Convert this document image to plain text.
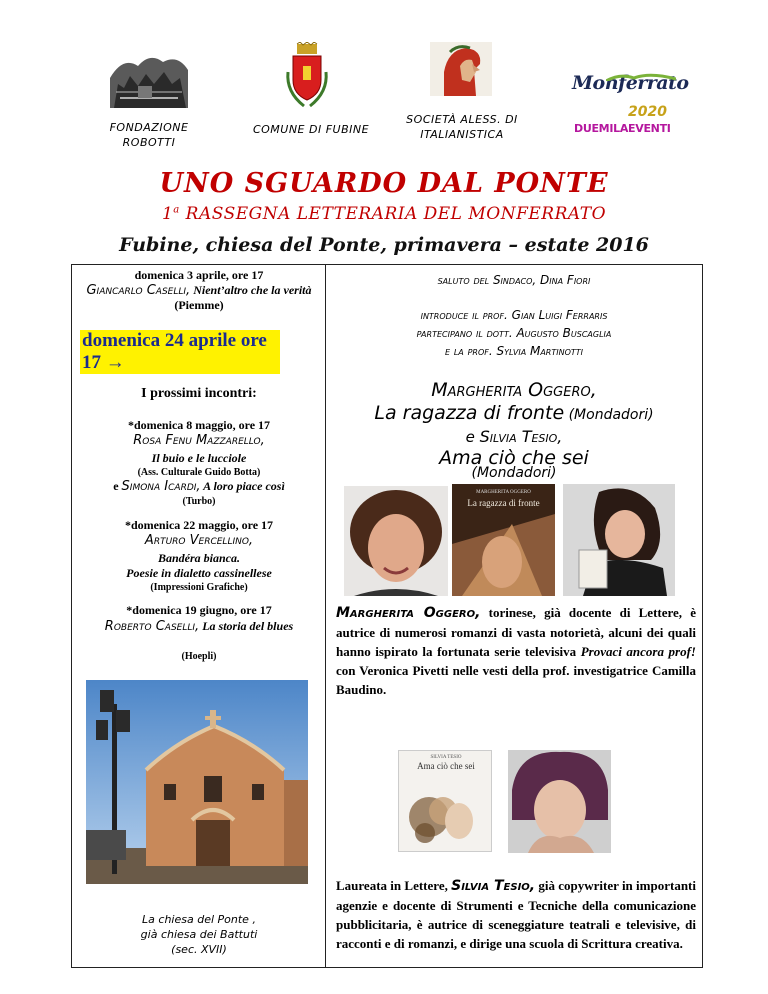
FONDAZIONE ROBOTTI
COMUNE DI FUBINE
SOCIETÀ ALESS. DI ITALIANISTICA
Monferrato
2020
DUEMILAEVENTI
UNO SGUARDO DAL PONTE
1$^a$ RASSEGNA LETTERARIA DEL MONFERRATO
Fubine, chiesa del Ponte, primavera – estate 2016
domenica 3 aprile, ore 17
Giancarlo Caselli, Nient’altro che la verità (Piemme)
domenica 24 aprile ore 17 →
I prossimi incontri:
*domenica 8 maggio, ore 17
Rosa Fenu Mazzarello,
Il buio e le lucciole
(Ass. Culturale Guido Botta)
e Simona Icardi, A loro piace così
(Turbo)
*domenica 22 maggio, ore 17
Arturo Vercellino,
Bandéra bianca.
Poesie in dialetto cassinellese
(Impressioni Grafiche)
*domenica 19 giugno, ore 17
Roberto Caselli, La storia del blues
(Hoepli)
La chiesa del Ponte ,
già chiesa dei Battuti
(sec. XVII)
saluto del Sindaco, Dina Fiori
introduce il prof. Gian Luigi Ferraris
partecipano il dott. Augusto Buscaglia
e la prof. Sylvia Martinotti
Margherita Oggero,
La ragazza di fronte (Mondadori)
e Silvia Tesio,
Ama ciò che sei
(Mondadori)
MARGHERITA OGGERO
La ragazza di fronte
Margherita Oggero, torinese, già docente di Lettere, è autrice di numerosi romanzi di vasta notorietà, alcuni dei quali hanno ispirato la fortunata serie televisiva Provaci ancora prof! con Veronica Pivetti nelle vesti della prof. investigatrice Camilla Baudino.
SILVIA TESIO
Ama ciò che sei
Laureata in Lettere, Silvia Tesio, già copywriter in importanti agenzie e docente di Strumenti e Tecniche della comunicazione pubblicitaria, è autrice di sceneggiature teatrali e televisive, di racconti e di romanzi, e dirige una scuola di Scrittura creativa.
